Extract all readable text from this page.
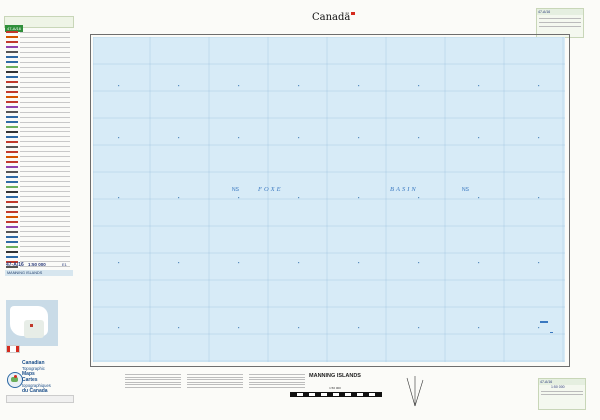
47-A/16
47-A/16 1:50 000	E1
MANNING ISLANDS
Canadian
Topographic
Maps
Cartes
topographiques
du Canada
Canadä	47-A/16
NS	FOXE	BASIN	NS
MANNING ISLANDS
1:50 000
47-A/16
1:50 000
